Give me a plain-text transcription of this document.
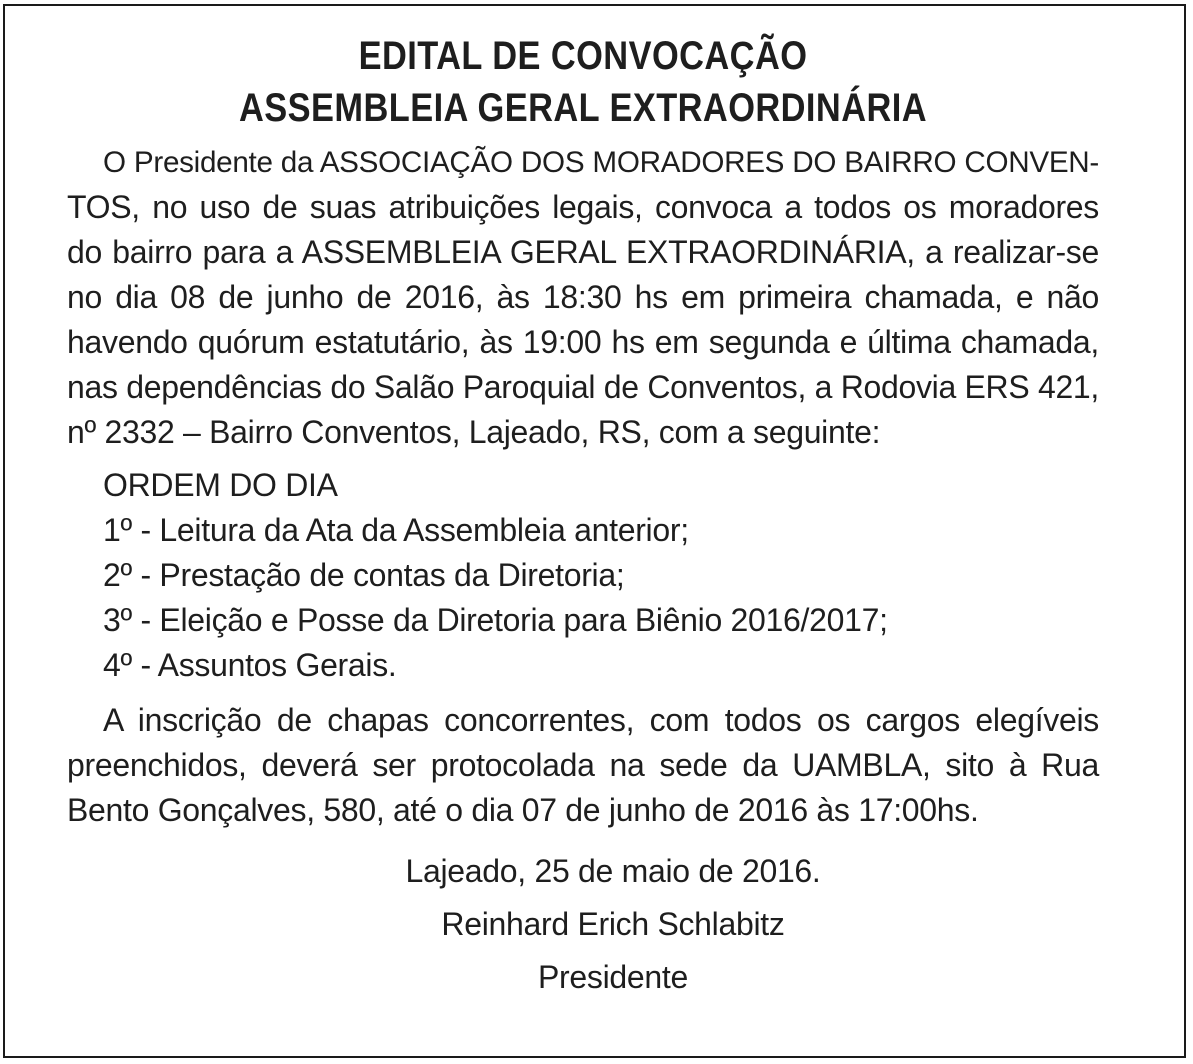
EDITAL DE CONVOCAÇÃO
ASSEMBLEIA GERAL EXTRAORDINÁRIA
O Presidente da ASSOCIAÇÃO DOS MORADORES DO BAIRRO CONVEN-
TOS, no uso de suas atribuições legais, convoca a todos os moradores
do bairro para a ASSEMBLEIA GERAL EXTRAORDINÁRIA, a realizar-se
no dia 08 de junho de 2016, às 18:30 hs em primeira chamada, e não
havendo quórum estatutário, às 19:00 hs em segunda e última chamada,
nas dependências do Salão Paroquial de Conventos, a Rodovia ERS 421,
nº 2332 – Bairro Conventos, Lajeado, RS, com a seguinte:
ORDEM DO DIA
1º - Leitura da Ata da Assembleia anterior;
2º - Prestação de contas da Diretoria;
3º - Eleição e Posse da Diretoria para Biênio 2016/2017;
4º - Assuntos Gerais.
A inscrição de chapas concorrentes, com todos os cargos elegíveis
preenchidos, deverá ser protocolada na sede da UAMBLA, sito à Rua
Bento Gonçalves, 580, até o dia 07 de junho de 2016 às 17:00hs.
Lajeado, 25 de maio de 2016.
Reinhard Erich Schlabitz
Presidente
